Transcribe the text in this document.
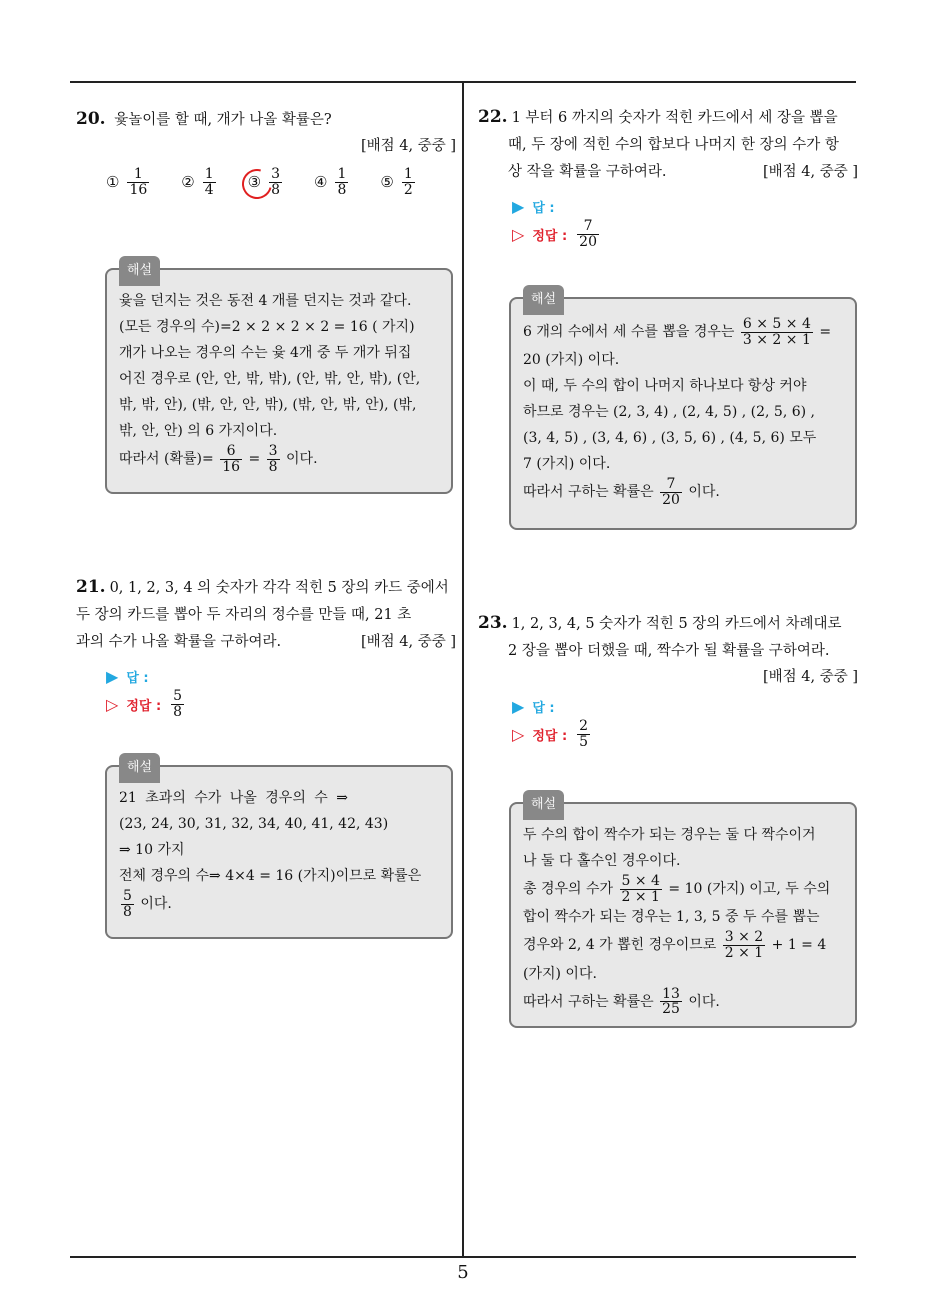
20. 윷놀이를 할 때, 개가 나올 확률은?
[배점 4, 중중 ]
① $\frac{1}{16}$ ② $\frac{1}{4}$ ③ $\frac{3}{8}$ ④ $\frac{1}{8}$ ⑤ $\frac{1}{2}$
해설
윷을 던지는 것은 동전 4 개를 던지는 것과 같다.
(모든 경우의 수)=2 × 2 × 2 × 2 = 16 ( 가지)
개가 나오는 경우의 수는 윷 4개 중 두 개가 뒤집
어진 경우로 (안, 안, 밖, 밖), (안, 밖, 안, 밖), (안,
밖, 밖, 안), (밖, 안, 안, 밖), (밖, 안, 밖, 안), (밖,
밖, 안, 안) 의 6 가지이다.
따라서 (확률)= $\frac{6}{16} = \frac{3}{8}$ 이다.
21. 0, 1, 2, 3, 4 의 숫자가 각각 적힌 5 장의 카드 중에서
두 장의 카드를 뽑아 두 자리의 정수를 만들 때, 21 초
과의 수가 나올 확률을 구하여라.	[배점 4, 중중 ]
▶ 답 :
▷ 정답 : $\frac{5}{8}$
해설
21 초과의 수가 나올 경우의 수 ⇒
(23, 24, 30, 31, 32, 34, 40, 41, 42, 43)
⇒ 10 가지
전체 경우의 수⇒ 4×4 = 16 (가지)이므로 확률은
$\frac{5}{8}$ 이다.
22. 1 부터 6 까지의 숫자가 적힌 카드에서 세 장을 뽑을
때, 두 장에 적힌 수의 합보다 나머지 한 장의 수가 항
상 작을 확률을 구하여라.	[배점 4, 중중 ]
▶ 답 :
▷ 정답 : $\frac{7}{20}$
해설
6 개의 수에서 세 수를 뽑을 경우는 $\frac{6 \times 5 \times 4}{3 \times 2 \times 1}$ =
20 (가지) 이다.
이 때, 두 수의 합이 나머지 하나보다 항상 커야
하므로 경우는 (2, 3, 4) , (2, 4, 5) , (2, 5, 6) ,
(3, 4, 5) , (3, 4, 6) , (3, 5, 6) , (4, 5, 6) 모두
7 (가지) 이다.
따라서 구하는 확률은 $\frac{7}{20}$ 이다.
23. 1, 2, 3, 4, 5 숫자가 적힌 5 장의 카드에서 차례대로
2 장을 뽑아 더했을 때, 짝수가 될 확률을 구하여라.
[배점 4, 중중 ]
▶ 답 :
▷ 정답 : $\frac{2}{5}$
해설
두 수의 합이 짝수가 되는 경우는 둘 다 짝수이거
나 둘 다 홀수인 경우이다.
총 경우의 수가 $\frac{5 \times 4}{2 \times 1} = 10$ (가지) 이고, 두 수의
합이 짝수가 되는 경우는 1, 3, 5 중 두 수를 뽑는
경우와 2, 4 가 뽑힌 경우이므로 $\frac{3 \times 2}{2 \times 1} + 1 = 4$
(가지) 이다.
따라서 구하는 확률은 $\frac{13}{25}$ 이다.
5
